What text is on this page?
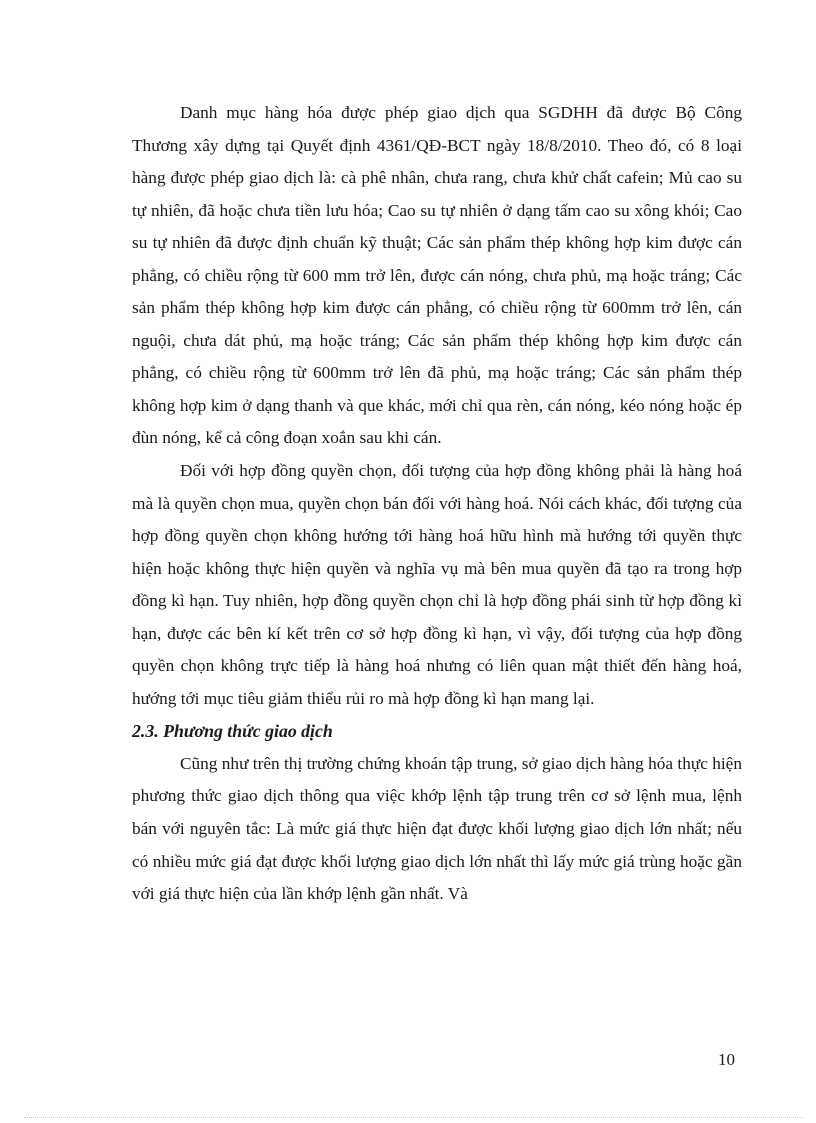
Danh mục hàng hóa được phép giao dịch qua SGDHH đã được Bộ Công Thương xây dựng tại Quyết định 4361/QĐ-BCT ngày 18/8/2010. Theo đó, có 8 loại hàng được phép giao dịch là: cà phê nhân, chưa rang, chưa khử chất cafein; Mủ cao su tự nhiên, đã hoặc chưa tiền lưu hóa; Cao su tự nhiên ở dạng tấm cao su xông khói; Cao su tự nhiên đã được định chuẩn kỹ thuật; Các sản phẩm thép không hợp kim được cán phẳng, có chiều rộng từ 600 mm trở lên, được cán nóng, chưa phủ, mạ hoặc tráng; Các sản phẩm thép không hợp kim được cán phẳng, có chiều rộng từ 600mm trở lên, cán nguội, chưa dát phủ, mạ hoặc tráng; Các sản phẩm thép không hợp kim được cán phẳng, có chiều rộng từ 600mm trở lên đã phủ, mạ hoặc tráng; Các sản phẩm thép không hợp kim ở dạng thanh và que khác, mới chỉ qua rèn, cán nóng, kéo nóng hoặc ép đùn nóng, kể cả công đoạn xoắn sau khi cán.

Đối với hợp đồng quyền chọn, đối tượng của hợp đồng không phải là hàng hoá mà là quyền chọn mua, quyền chọn bán đối với hàng hoá. Nói cách khác, đối tượng của hợp đồng quyền chọn không hướng tới hàng hoá hữu hình mà hướng tới quyền thực hiện hoặc không thực hiện quyền và nghĩa vụ mà bên mua quyền đã tạo ra trong hợp đồng kì hạn. Tuy nhiên, hợp đồng quyền chọn chỉ là hợp đồng phái sinh từ hợp đồng kì hạn, được các bên kí kết trên cơ sở hợp đồng kì hạn, vì vậy, đối tượng của hợp đồng quyền chọn không trực tiếp là hàng hoá nhưng có liên quan mật thiết đến hàng hoá, hướng tới mục tiêu giảm thiểu rủi ro mà hợp đồng kì hạn mang lại.

2.3. Phương thức giao dịch

Cũng như trên thị trường chứng khoán tập trung, sở giao dịch hàng hóa thực hiện phương thức giao dịch thông qua việc khớp lệnh tập trung trên cơ sở lệnh mua, lệnh bán với nguyên tắc: Là mức giá thực hiện đạt được khối lượng giao dịch lớn nhất; nếu có nhiều mức giá đạt được khối lượng giao dịch lớn nhất thì lấy mức giá trùng hoặc gần với giá thực hiện của lần khớp lệnh gần nhất. Và

10
